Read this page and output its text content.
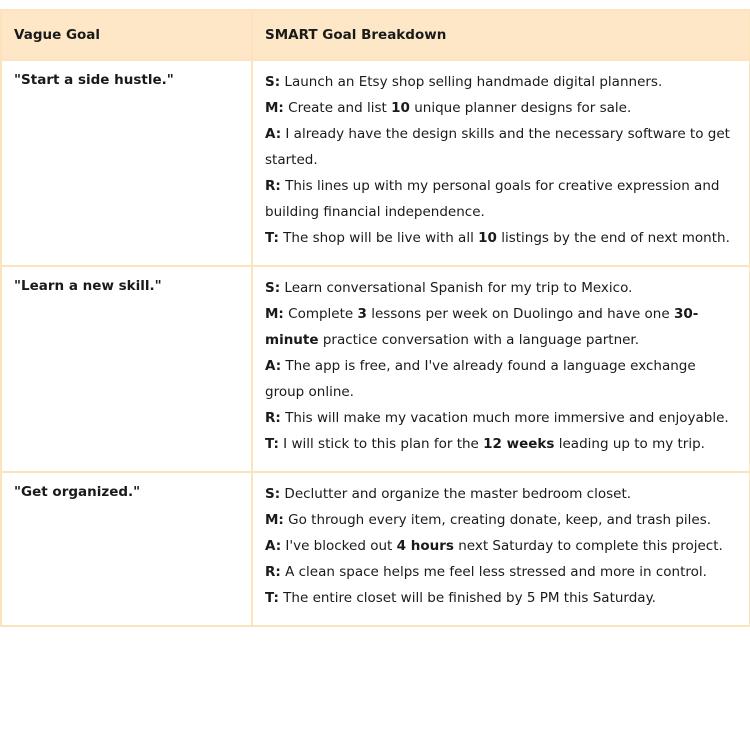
Vague Goal	SMART Goal Breakdown
"Start a side hustle."	S: Launch an Etsy shop selling handmade digital planners.
M: Create and list 10 unique planner designs for sale.
A: I already have the design skills and the necessary software to get started.
R: This lines up with my personal goals for creative expression and building financial independence.
T: The shop will be live with all 10 listings by the end of next month.

"Learn a new skill."	S: Learn conversational Spanish for my trip to Mexico.
M: Complete 3 lessons per week on Duolingo and have one 30-minute practice conversation with a language partner.
A: The app is free, and I've already found a language exchange group online.
R: This will make my vacation much more immersive and enjoyable.
T: I will stick to this plan for the 12 weeks leading up to my trip.

"Get organized."	S: Declutter and organize the master bedroom closet.
M: Go through every item, creating donate, keep, and trash piles.
A: I've blocked out 4 hours next Saturday to complete this project.
R: A clean space helps me feel less stressed and more in control.
T: The entire closet will be finished by 5 PM this Saturday.
